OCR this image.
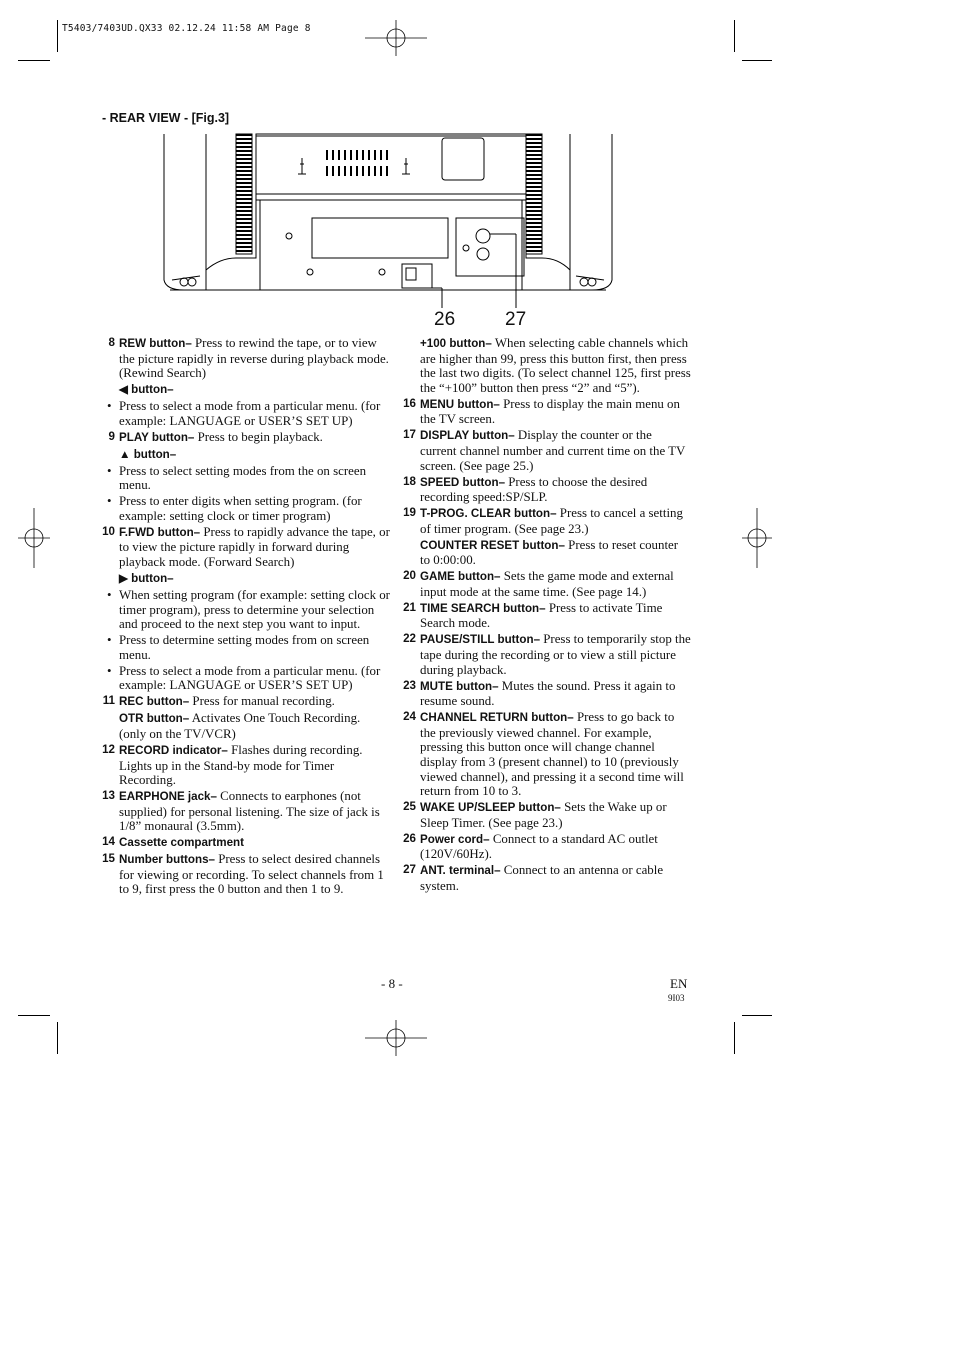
T5403/7403UD.QX33 02.12.24 11:58 AM Page 8
- REAR VIEW - [Fig.3]
26	27
8 REW button– Press to rewind the tape, or to view the picture rapidly in reverse during playback mode. (Rewind Search)
◀ button–
• Press to select a mode from a particular menu. (for example: LANGUAGE or USER’S SET UP)
9 PLAY button– Press to begin playback.
▲ button–
• Press to select setting modes from the on screen menu.
• Press to enter digits when setting program. (for example: setting clock or timer program)
10 F.FWD button– Press to rapidly advance the tape, or to view the picture rapidly in forward during playback mode. (Forward Search)
▶ button–
• When setting program (for example: setting clock or timer program), press to determine your selection and proceed to the next step you want to input.
• Press to determine setting modes from on screen menu.
• Press to select a mode from a particular menu. (for example: LANGUAGE or USER’S SET UP)
11 REC button– Press for manual recording.
OTR button– Activates One Touch Recording. (only on the TV/VCR)
12 RECORD indicator– Flashes during recording. Lights up in the Stand-by mode for Timer Recording.
13 EARPHONE jack– Connects to earphones (not supplied) for personal listening. The size of jack is 1/8” monaural (3.5mm).
14 Cassette compartment
15 Number buttons– Press to select desired channels for viewing or recording. To select channels from 1 to 9, first press the 0 button and then 1 to 9.
+100 button– When selecting cable channels which are higher than 99, press this button first, then press the last two digits. (To select channel 125, first press the “+100” button then press “2” and “5”).
16 MENU button– Press to display the main menu on the TV screen.
17 DISPLAY button– Display the counter or the current channel number and current time on the TV screen. (See page 25.)
18 SPEED button– Press to choose the desired recording speed:SP/SLP.
19 T-PROG. CLEAR button– Press to cancel a setting of timer program. (See page 23.)
COUNTER RESET button– Press to reset counter to 0:00:00.
20 GAME button– Sets the game mode and external input mode at the same time. (See page 14.)
21 TIME SEARCH button– Press to activate Time Search mode.
22 PAUSE/STILL button– Press to temporarily stop the tape during the recording or to view a still picture during playback.
23 MUTE button– Mutes the sound. Press it again to resume sound.
24 CHANNEL RETURN button– Press to go back to the previously viewed channel. For example, pressing this button once will change channel display from 3 (present channel) to 10 (previously viewed channel), and pressing it a second time will return from 10 to 3.
25 WAKE UP/SLEEP button– Sets the Wake up or Sleep Timer. (See page 23.)
26 Power cord– Connect to a standard AC outlet (120V/60Hz).
27 ANT. terminal– Connect to an antenna or cable system.
- 8 -	EN
9I03
